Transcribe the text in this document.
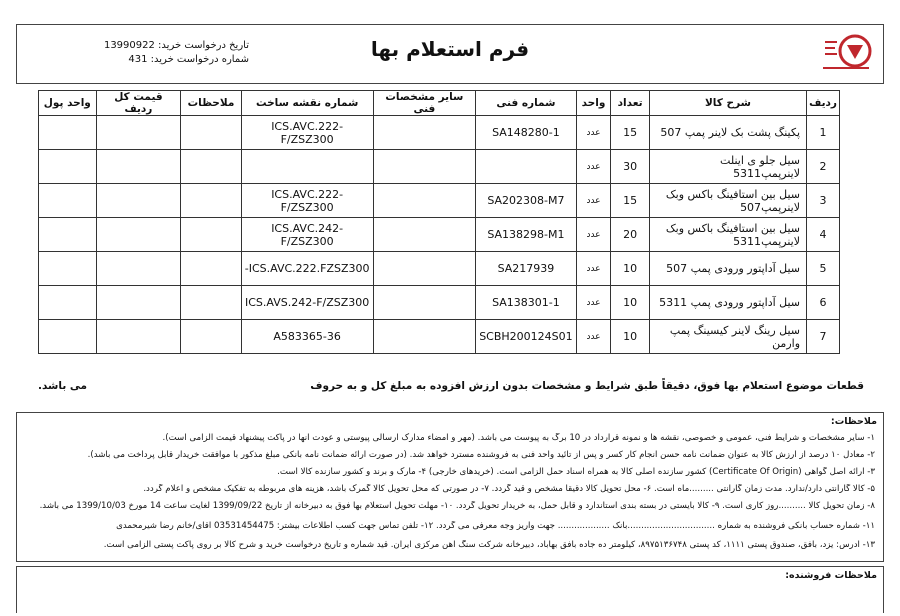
تاریخ درخواست خرید: 13990922
شماره درخواست خرید: 431	فرم استعلام بها
ردیف	شرح کالا	تعداد	واحد	شماره فنی	سایر مشخصات فنی	شماره نقشه ساخت	ملاحظات	قیمت کل ردیف	واحد پول
1	پکینگ پشت بک لاینر پمپ 507	15	عدد	SA148280-1		ICS.AVC.222-F/ZSZ300			
2	سیل جلو ی اینلت لاینرپمپ5311	30	عدد						
3	سیل بین استافینگ باکس وبک لاینرپمپ507	15	عدد	SA202308-M7		ICS.AVC.222-F/ZSZ300			
4	سیل بین استافینگ باکس وبک لاینرپمپ5311	20	عدد	SA138298-M1		ICS.AVC.242-F/ZSZ300			
5	سیل آداپتور ورودی پمپ 507	10	عدد	SA217939		ICS.AVC.222.FZSZ300-			
6	سیل آداپتور ورودی پمپ 5311	10	عدد	SA138301-1		ICS.AVS.242-F/ZSZ300			
7	سیل رینگ لاینر کیسینگ پمپ وارمن	10	عدد	SCBH200124S01		A583365-36			
قطعات موضوع استعلام بها فوق، دقیقاً طبق شرایط و مشخصات بدون ارزش افزوده به مبلغ کل و به حروف
می باشد.
ملاحظات:
۱- سایر مشخصات و شرایط فنی، عمومی و خصوصی، نقشه ها و نمونه قرارداد در 10 برگ به پیوست می باشد. (مهر و امضاء مدارک ارسالی پیوستی و عودت آنها در پاکت پیشنهاد قیمت الزامی است).
۲- معادل ۱۰ درصد از ارزش کالا به عنوان ضمانت نامه حسن انجام کار کسر و پس از تائید واحد فنی به فروشنده مسترد خواهد شد. (در صورت ارائه ضمانت نامه بانکی مبلغ مذکور با موافقت خریدار قابل پرداخت می باشد).
۳- ارائه اصل گواهی (Certificate Of Origin) کشور سازنده اصلی کالا به همراه اسناد حمل الزامی است. (خریدهای خارجی) ۴- مارک و برند و کشور سازنده کالا است.
۵- کالا گارانتی دارد/ندارد. مدت زمان گارانتی .........ماه است. ۶- محل تحویل کالا دقیقاً مشخص و قید گردد. ۷- در صورتی که محل تحویل کالا گمرک باشد، هزینه های مربوطه به تفکیک مشخص و اعلام گردد.
۸- زمان تحویل کالا ..........روز کاری است. ۹- کالا بایستی در بسته بندی استاندارد و قابل حمل، به خریدار تحویل گردد. ۱۰- مهلت تحویل استعلام بها فوق به دبیرخانه از تاریخ 1399/09/22 لغایت ساعت 14 مورخ 1399/10/03 می باشد.
۱۱- شماره حساب بانکی فروشنده به شماره ................................بانک ................... جهت واریز وجه معرفی می گردد. ۱۲- تلفن تماس جهت کسب اطلاعات بیشتر: 03531454475 آقای/خانم رضا شیرمحمدی
۱۳- آدرس: یزد، بافق، صندوق پستی ۱۱۱۱، کد پستی ۸۹۷۵۱۳۶۷۴۸، کیلومتر ده جاده بافق بهاباد، دبیرخانه شرکت سنگ آهن مرکزی ایران. قید شماره و تاریخ درخواست خرید و شرح کالا بر روی پاکت پستی الزامی است.
ملاحظات فروشنده:
